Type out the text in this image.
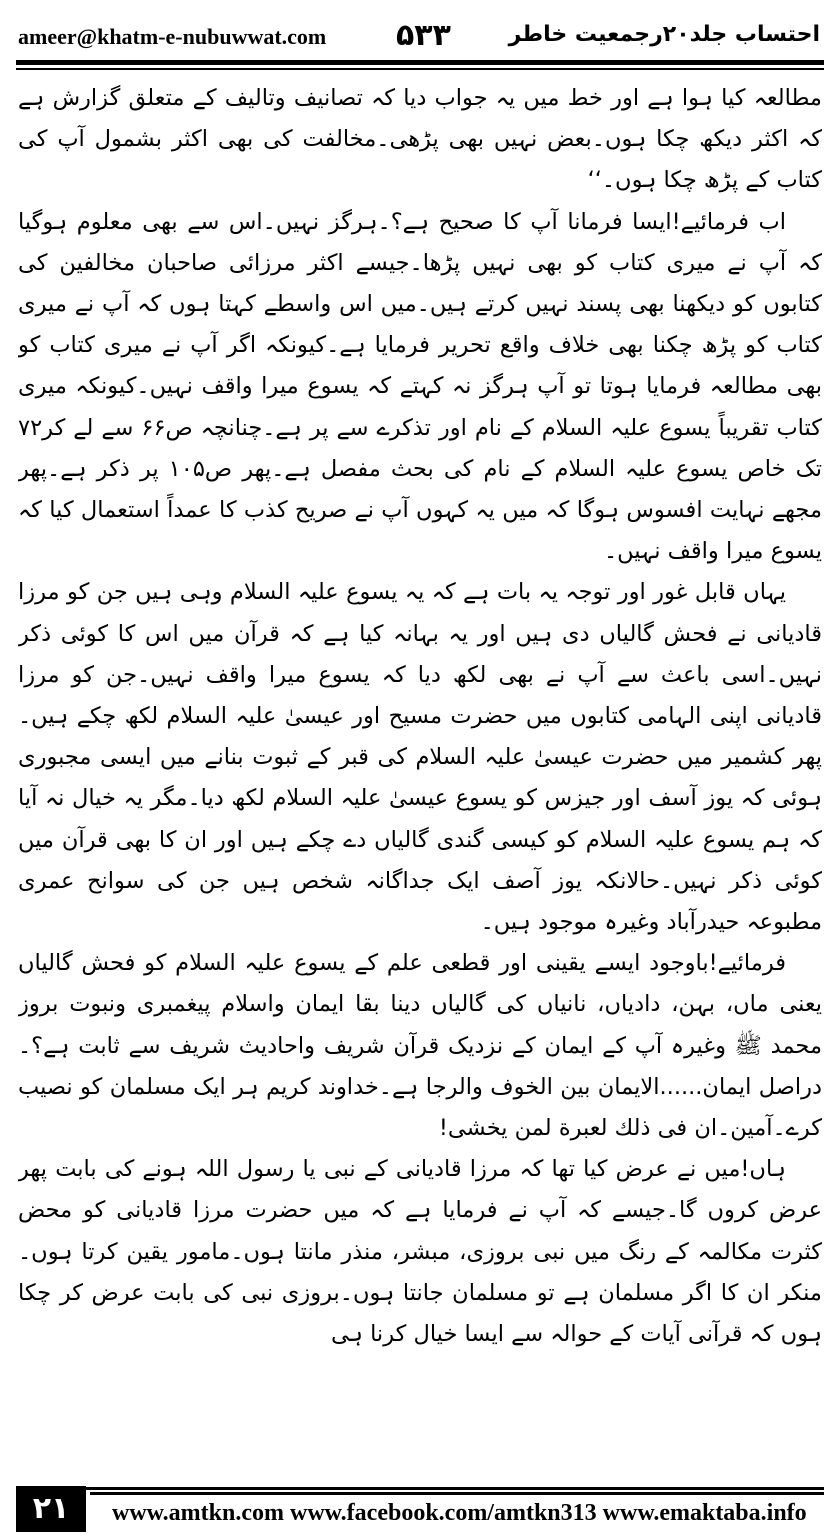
ameer@khatm-e-nubuwwat.com ۵۳۳	احتساب جلد۲۰رجمعیت خاطر

مطالعہ کیا ہوا ہے اور خط میں یہ جواب دیا کہ تصانیف وتالیف کے متعلق گزارش ہے کہ اکثر دیکھ چکا ہوں۔بعض نہیں بھی پڑھی۔مخالفت کی بھی اکثر بشمول آپ کی کتاب کے پڑھ چکا ہوں۔‘‘

اب فرمائیے!ایسا فرمانا آپ کا صحیح ہے؟۔ہرگز نہیں۔اس سے بھی معلوم ہوگیا کہ آپ نے میری کتاب کو بھی نہیں پڑھا۔جیسے اکثر مرزائی صاحبان مخالفین کی کتابوں کو دیکھنا بھی پسند نہیں کرتے ہیں۔میں اس واسطے کہتا ہوں کہ آپ نے میری کتاب کو پڑھ چکنا بھی خلاف واقع تحریر فرمایا ہے۔کیونکہ اگر آپ نے میری کتاب کو بھی مطالعہ فرمایا ہوتا تو آپ ہرگز نہ کہتے کہ یسوع میرا واقف نہیں۔کیونکہ میری کتاب تقریباً یسوع علیہ السلام کے نام اور تذکرے سے پر ہے۔چنانچہ ص۶۶ سے لے کر۷۲ تک خاص یسوع علیہ السلام کے نام کی بحث مفصل ہے۔پھر ص۱۰۵ پر ذکر ہے۔پھر مجھے نہایت افسوس ہوگا کہ میں یہ کہوں آپ نے صریح کذب کا عمداً استعمال کیا کہ یسوع میرا واقف نہیں۔

یہاں قابل غور اور توجہ یہ بات ہے کہ یہ یسوع علیہ السلام وہی ہیں جن کو مرزا قادیانی نے فحش گالیاں دی ہیں اور یہ بہانہ کیا ہے کہ قرآن میں اس کا کوئی ذکر نہیں۔اسی باعث سے آپ نے بھی لکھ دیا کہ یسوع میرا واقف نہیں۔جن کو مرزا قادیانی اپنی الہامی کتابوں میں حضرت مسیح اور عیسیٰ علیہ السلام لکھ چکے ہیں۔پھر کشمیر میں حضرت عیسیٰ علیہ السلام کی قبر کے ثبوت بنانے میں ایسی مجبوری ہوئی کہ یوز آسف اور جیزس کو یسوع عیسیٰ علیہ السلام لکھ دیا۔مگر یہ خیال نہ آیا کہ ہم یسوع علیہ السلام کو کیسی گندی گالیاں دے چکے ہیں اور ان کا بھی قرآن میں کوئی ذکر نہیں۔حالانکہ یوز آصف ایک جداگانہ شخص ہیں جن کی سوانح عمری مطبوعہ حیدرآباد وغیرہ موجود ہیں۔

فرمائیے!باوجود ایسے یقینی اور قطعی علم کے یسوع علیہ السلام کو فحش گالیاں یعنی ماں، بہن، دادیاں، نانیاں کی گالیاں دینا بقا ایمان واسلام پیغمبری ونبوت بروز محمد ﷺ وغیرہ آپ کے ایمان کے نزدیک قرآن شریف واحادیث شریف سے ثابت ہے؟۔دراصل ایمان......الایمان بین الخوف والرجا ہے۔خداوند کریم ہر ایک مسلمان کو نصیب کرے۔آمین۔ان فی ذلك لعبرة لمن یخشی!

ہاں!میں نے عرض کیا تھا کہ مرزا قادیانی کے نبی یا رسول اللہ ہونے کی بابت پھر عرض کروں گا۔جیسے کہ آپ نے فرمایا ہے کہ میں حضرت مرزا قادیانی کو محض کثرت مکالمہ کے رنگ میں نبی بروزی، مبشر، منذر مانتا ہوں۔مامور یقین کرتا ہوں۔منکر ان کا اگر مسلمان ہے تو مسلمان جانتا ہوں۔بروزی نبی کی بابت عرض کر چکا ہوں کہ قرآنی آیات کے حوالہ سے ایسا خیال کرنا ہی

۲۱	www.amtkn.com www.facebook.com/amtkn313 www.emaktaba.info
